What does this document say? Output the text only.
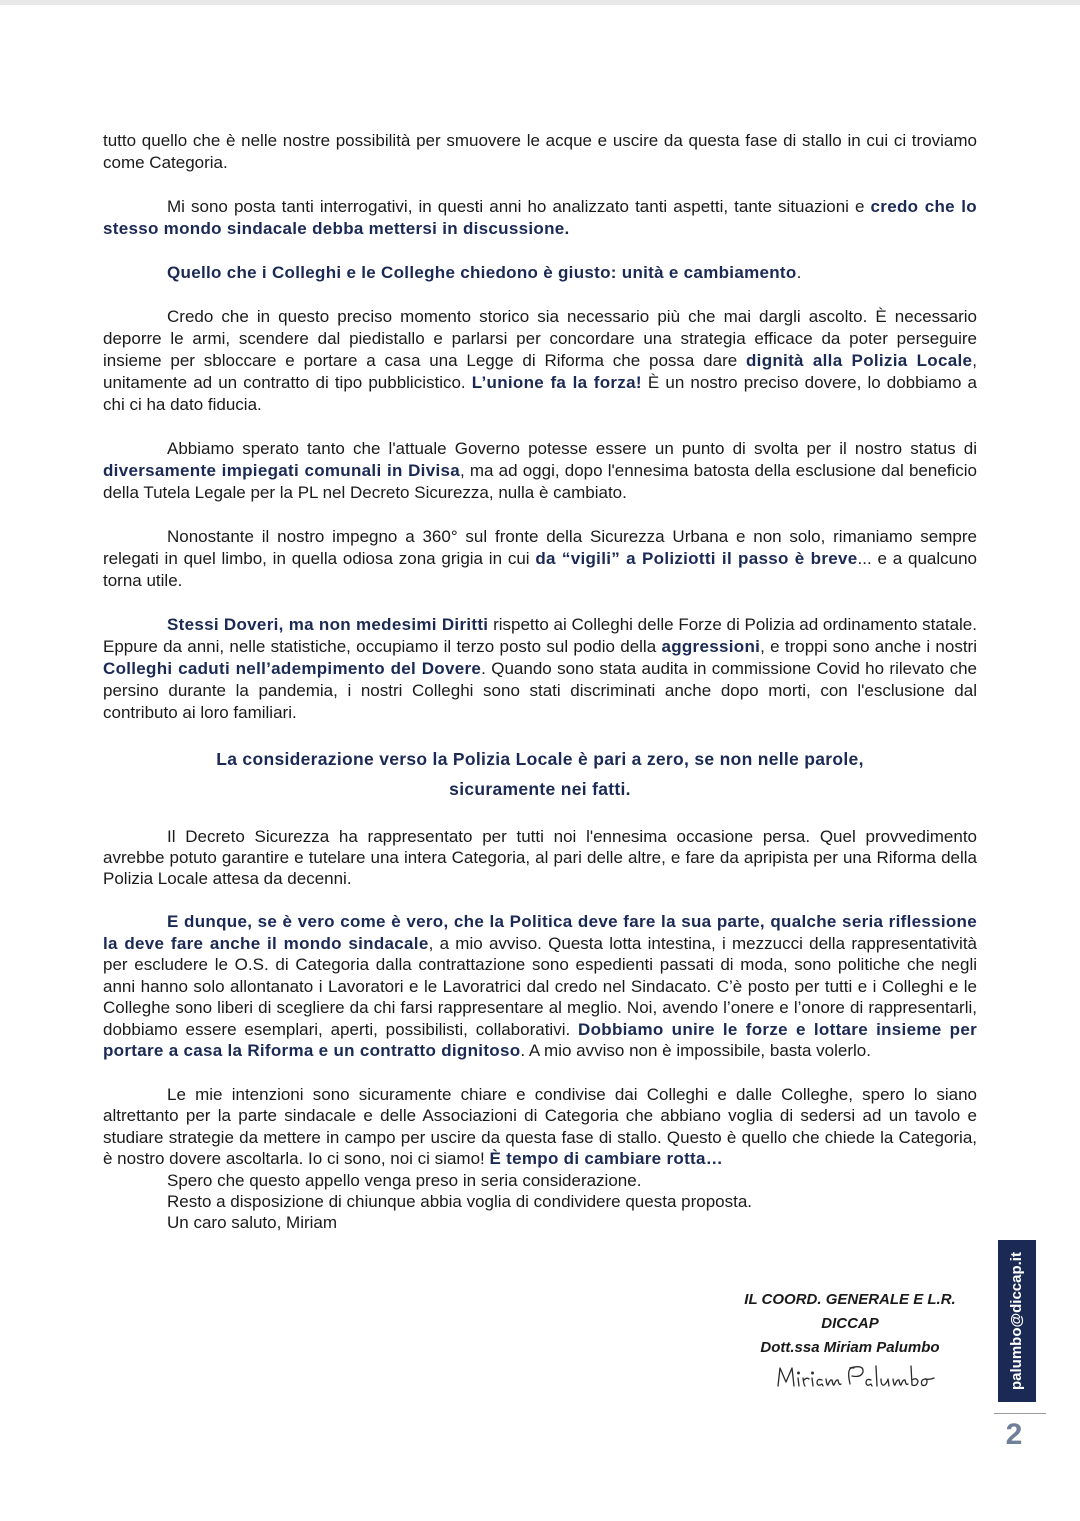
tutto quello che è nelle nostre possibilità per smuovere le acque e uscire da questa fase di stallo in cui ci troviamo come Categoria.

Mi sono posta tanti interrogativi, in questi anni ho analizzato tanti aspetti, tante situazioni e credo che lo stesso mondo sindacale debba mettersi in discussione.

Quello che i Colleghi e le Colleghe chiedono è giusto: unità e cambiamento.

Credo che in questo preciso momento storico sia necessario più che mai dargli ascolto. È necessario deporre le armi, scendere dal piedistallo e parlarsi per concordare una strategia efficace da poter perseguire insieme per sbloccare e portare a casa una Legge di Riforma che possa dare dignità alla Polizia Locale, unitamente ad un contratto di tipo pubblicistico. L’unione fa la forza! È un nostro preciso dovere, lo dobbiamo a chi ci ha dato fiducia.

Abbiamo sperato tanto che l'attuale Governo potesse essere un punto di svolta per il nostro status di diversamente impiegati comunali in Divisa, ma ad oggi, dopo l'ennesima batosta della esclusione dal beneficio della Tutela Legale per la PL nel Decreto Sicurezza, nulla è cambiato.

Nonostante il nostro impegno a 360° sul fronte della Sicurezza Urbana e non solo, rimaniamo sempre relegati in quel limbo, in quella odiosa zona grigia in cui da “vigili” a Poliziotti il passo è breve... e a qualcuno torna utile.

Stessi Doveri, ma non medesimi Diritti rispetto ai Colleghi delle Forze di Polizia ad ordinamento statale. Eppure da anni, nelle statistiche, occupiamo il terzo posto sul podio della aggressioni, e troppi sono anche i nostri Colleghi caduti nell’adempimento del Dovere. Quando sono stata audita in commissione Covid ho rilevato che persino durante la pandemia, i nostri Colleghi sono stati discriminati anche dopo morti, con l'esclusione dal contributo ai loro familiari.

La considerazione verso la Polizia Locale è pari a zero, se non nelle parole,
sicuramente nei fatti.

Il Decreto Sicurezza ha rappresentato per tutti noi l'ennesima occasione persa. Quel provvedimento avrebbe potuto garantire e tutelare una intera Categoria, al pari delle altre, e fare da apripista per una Riforma della Polizia Locale attesa da decenni.

E dunque, se è vero come è vero, che la Politica deve fare la sua parte, qualche seria riflessione la deve fare anche il mondo sindacale, a mio avviso. Questa lotta intestina, i mezzucci della rappresentatività per escludere le O.S. di Categoria dalla contrattazione sono espedienti passati di moda, sono politiche che negli anni hanno solo allontanato i Lavoratori e le Lavoratrici dal credo nel Sindacato. C’è posto per tutti e i Colleghi e le Colleghe sono liberi di scegliere da chi farsi rappresentare al meglio. Noi, avendo l’onere e l’onore di rappresentarli, dobbiamo essere esemplari, aperti, possibilisti, collaborativi. Dobbiamo unire le forze e lottare insieme per portare a casa la Riforma e un contratto dignitoso. A mio avviso non è impossibile, basta volerlo.

Le mie intenzioni sono sicuramente chiare e condivise dai Colleghi e dalle Colleghe, spero lo siano altrettanto per la parte sindacale e delle Associazioni di Categoria che abbiano voglia di sedersi ad un tavolo e studiare strategie da mettere in campo per uscire da questa fase di stallo. Questo è quello che chiede la Categoria, è nostro dovere ascoltarla. Io ci sono, noi ci siamo! È tempo di cambiare rotta…

Spero che questo appello venga preso in seria considerazione.

Resto a disposizione di chiunque abbia voglia di condividere questa proposta.

Un caro saluto, Miriam

IL COORD. GENERALE E L.R.
DICCAP
Dott.ssa Miriam Palumbo	palumbo@diccap.it
2
